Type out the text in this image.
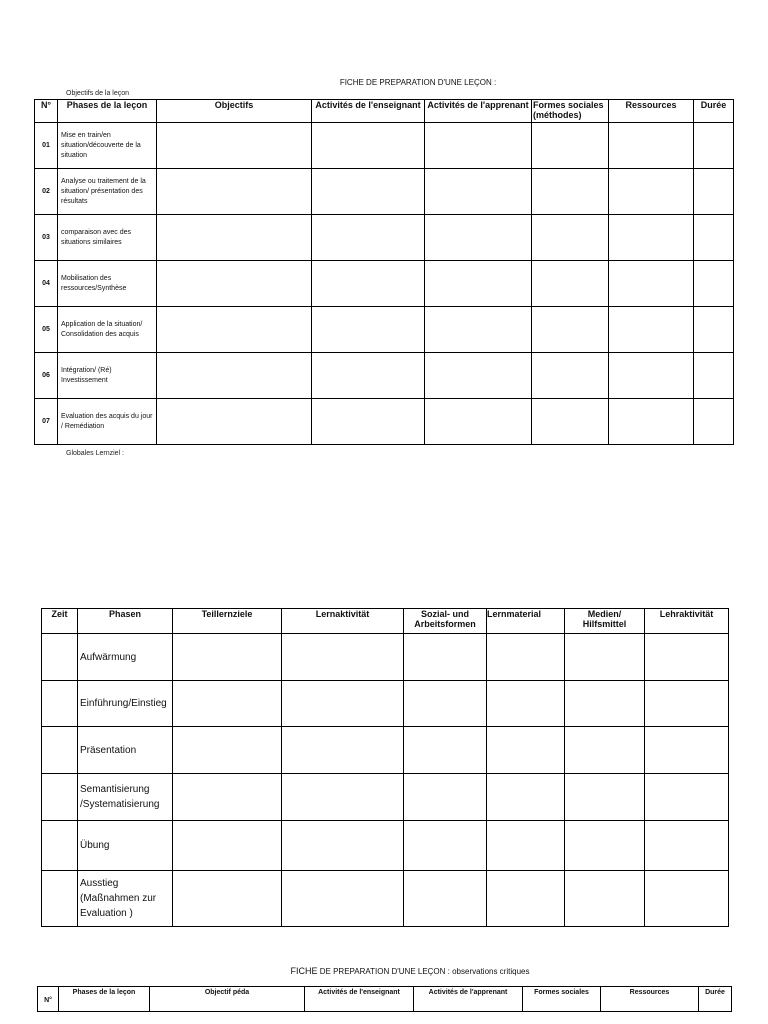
FICHE DE PREPARATION D'UNE LEÇON :
Objectifs de la leçon
N°	Phases de la leçon	Objectifs	Activités de l'enseignant	Activités de l'apprenant	Formes sociales (méthodes)	Ressources	Durée
01	Mise en train/en situation/découverte de la situation						
02	Analyse ou traitement de la situation/ présentation des résultats						
03	comparaison avec des situations similaires						
04	Mobilisation des ressources/Synthèse						
05	Application de la situation/ Consolidation des acquis						
06	Intégration/ (Ré) Investissement						
07	Evaluation des acquis du jour / Remédiation						
Globales Lernziel :
Zeit	Phasen	Teillernziele	Lernaktivität	Sozial- und Arbeitsformen	Lernmaterial	Medien/ Hilfsmittel	Lehraktivität
	Aufwärmung						
	Einführung/Einstieg						
	Präsentation						
	Semantisierung /Systematisierung						
	Übung						
	Ausstieg (Maßnahmen zur Evaluation )						
FICHE DE PREPARATION D'UNE LEÇON : observations critiques
N°	Phases de la leçon	Objectif péda	Activités de l'enseignant	Activités de l'apprenant	Formes sociales	Ressources	Durée
